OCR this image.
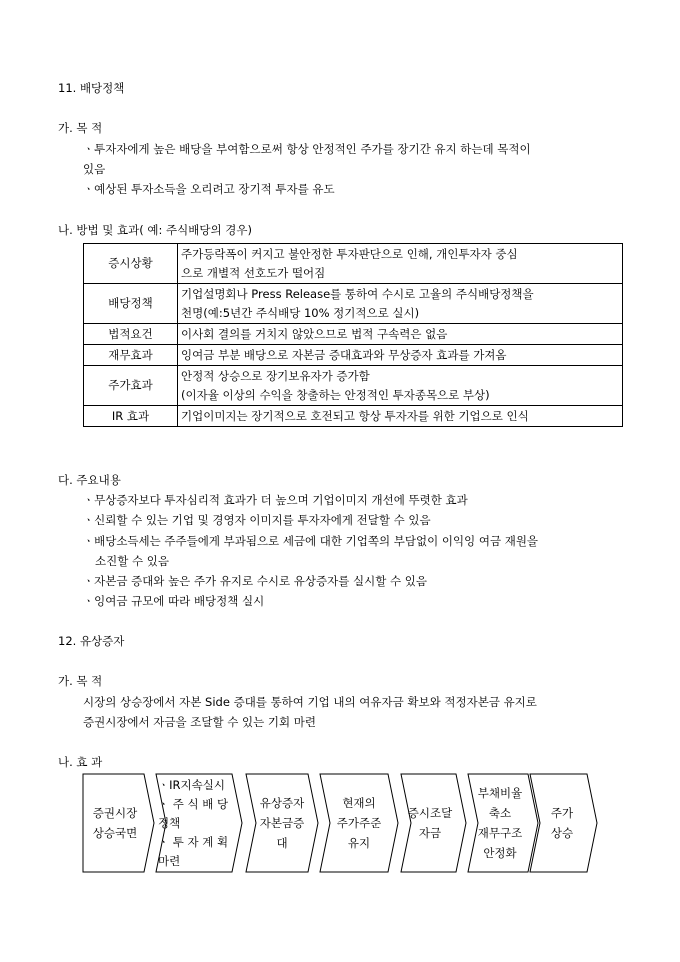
11. 배당정책
가. 목 적
ㆍ투자자에게 높은 배당을 부여함으로써 항상 안정적인 주가를 장기간 유지 하는데 목적이
있음
ㆍ예상된 투자소득을 오리려고 장기적 투자를 유도
나. 방법 및 효과( 예: 주식배당의 경우)
증시상황	주가등락폭이 커지고 불안정한 투자판단으로 인해, 개인투자자 중심
으로 개별적 선호도가 떨어짐

배당정책	기업설명회나 Press Release를 통하여 수시로 고율의 주식배당정책을
천명(예:5년간 주식배당 10% 정기적으로 실시)

법적요건	이사회 결의를 거치지 않았으므로 법적 구속력은 없음
재무효과	잉여금 부분 배당으로 자본금 증대효과와 무상증자 효과를 가져옴
주가효과	안정적 상승으로 장기보유자가 증가함
(이자율 이상의 수익을 창출하는 안정적인 투자종목으로 부상)

IR 효과	기업이미지는 장기적으로 호전되고 항상 투자자를 위한 기업으로 인식
다. 주요내용
ㆍ무상증자보다 투자심리적 효과가 더 높으며 기업이미지 개선에 뚜렷한 효과
ㆍ신뢰할 수 있는 기업 및 경영자 이미지를 투자자에게 전달할 수 있음
ㆍ배당소득세는 주주들에게 부과됨으로 세금에 대한 기업쪽의 부담없이 이익잉 여금 재원을
소진할 수 있음
ㆍ자본금 증대와 높은 주가 유지로 수시로 유상증자를 실시할 수 있음
ㆍ잉여금 규모에 따라 배당정책 실시
12. 유상증자
가. 목 적
시장의 상승장에서 자본 Side 증대를 통하여 기업 내의 여유자금 확보와 적정자본금 유지로
증권시장에서 자금을 조달할 수 있는 기회 마련
나. 효 과
증권시장
상승국면
ㆍIR지속실시
ㆍ 주 식 배 당
정책
ㆍ 투 자 계 획
마련
유상증자
자본금증
대
현재의
주가주준
유지
증시조달
자금
부채비율
축소
재무구조
안정화
주가
상승
